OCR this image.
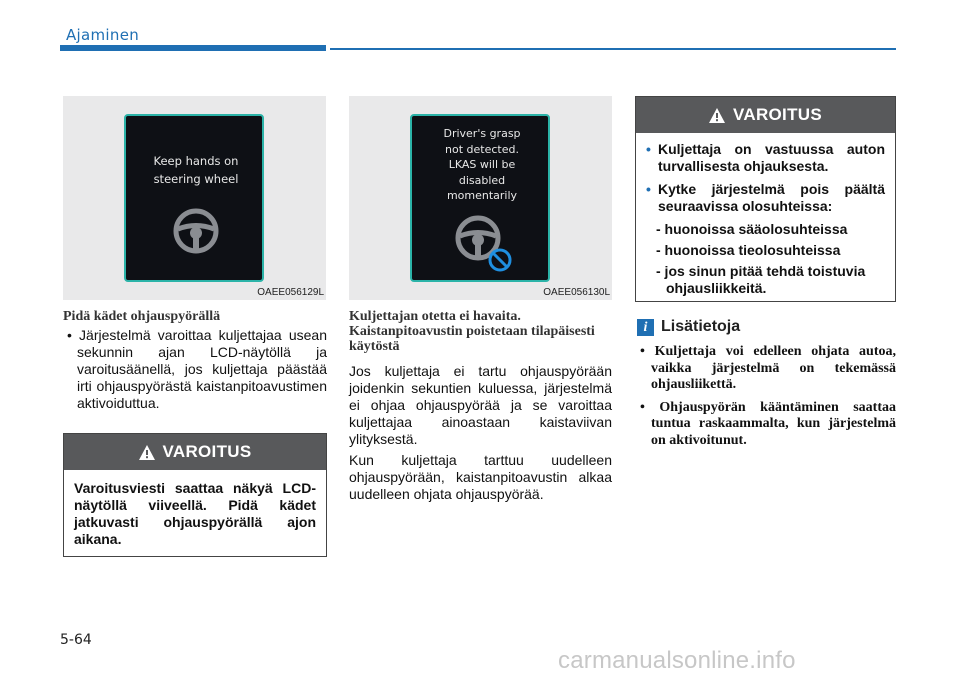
Ajaminen
Keep hands on
steering wheel
OAEE056129L
Driver's grasp
not detected.
LKAS will be
disabled
momentarily
OAEE056130L
Pidä kädet ohjauspyörällä
• Järjestelmä varoittaa kuljettajaa usean sekunnin ajan LCD-näytöllä ja varoitusäänellä, jos kuljettaja päästää irti ohjauspyörästä kaistanpitoavustimen aktivoiduttua.
VAROITUS
Varoitusviesti saattaa näkyä LCD-näytöllä viiveellä. Pidä kädet jatkuvasti ohjauspyörällä ajon aikana.
Kuljettajan otetta ei havaita. Kaistanpitoavustin poistetaan tilapäisesti käytöstä
Jos kuljettaja ei tartu ohjauspyörään joidenkin sekuntien kuluessa, järjestelmä ei ohjaa ohjauspyörää ja se varoittaa kuljettajaa ainoastaan kaistaviivan ylityksestä.
Kun kuljettaja tarttuu uudelleen ohjauspyörään, kaistanpitoavustin alkaa uudelleen ohjata ohjauspyörää.
VAROITUS
• Kuljettaja on vastuussa auton turvallisesta ohjauksesta.
• Kytke järjestelmä pois päältä seuraavissa olosuhteissa:
- huonoissa sääolosuhteissa
- huonoissa tieolosuhteissa
- jos sinun pitää tehdä toistuvia ohjausliikkeitä.
i Lisätietoja
• Kuljettaja voi edelleen ohjata autoa, vaikka järjestelmä on tekemässä ohjausliikettä.
• Ohjauspyörän kääntäminen saattaa tuntua raskaammalta, kun järjestelmä on aktivoitunut.
5-64
carmanualsonline.info
